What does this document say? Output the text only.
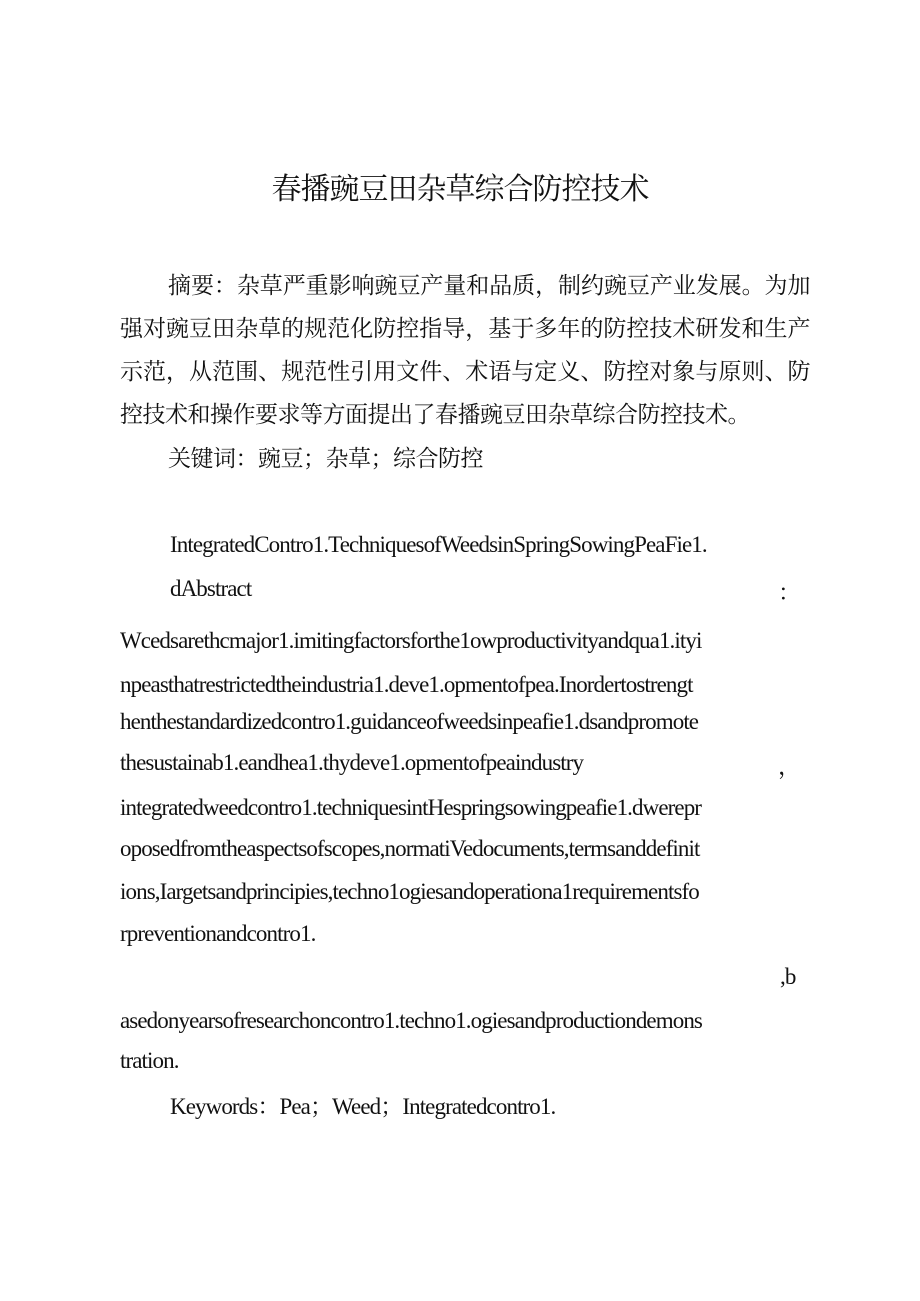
春播豌豆田杂草综合防控技术
摘要：杂草严重影响豌豆产量和品质，制约豌豆产业发展。为加强对豌豆田杂草的规范化防控指导，基于多年的防控技术研发和生产示范，从范围、规范性引用文件、术语与定义、防控对象与原则、防控技术和操作要求等方面提出了春播豌豆田杂草综合防控技术。
关键词：豌豆；杂草；综合防控
IntegratedContro1.TechniquesofWeedsinSpringSowingPeaFie1.
dAbstract	：
Wcedsarethcmajor1.imitingfactorsforthe1owproductivityandqua1.ityi
npeasthatrestrictedtheindustria1.deve1.opmentofpea.Inordertostrengt
henthestandardizedcontro1.guidanceofweedsinpeafie1.dsandpromote
thesustainab1.eandhea1.thydeve1.opmentofpeaindustry	，
integratedweedcontro1.techniquesintHespringsowingpeafie1.dwerepr
oposedfromtheaspectsofscopes,normatiVedocuments,termsanddefinit
ions,Iargetsandprincipies,techno1ogiesandoperationa1requirementsfo
rpreventionandcontro1.
,b
asedonyearsofresearchoncontro1.techno1.ogiesandproductiondemons
tration.
Keywords：Pea；Weed；Integratedcontro1.
